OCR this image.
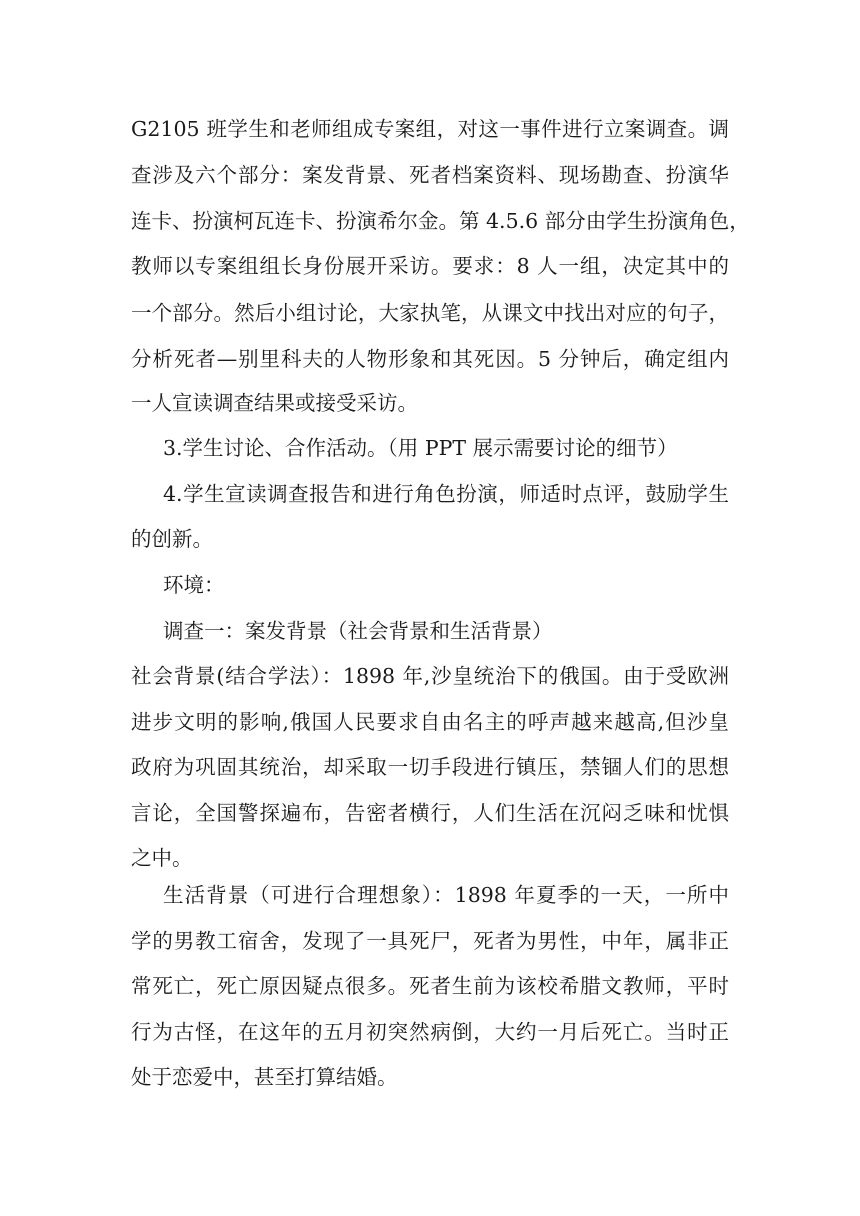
G2105 班学生和老师组成专案组，对这一事件进行立案调查。调

查涉及六个部分：案发背景、死者档案资料、现场勘查、扮演华

连卡、扮演柯瓦连卡、扮演希尔金。第 4.5.6 部分由学生扮演角色，

教师以专案组组长身份展开采访。要求：8 人一组，决定其中的

一个部分。然后小组讨论，大家执笔，从课文中找出对应的句子，

分析死者—别里科夫的人物形象和其死因。5 分钟后，确定组内

一人宣读调查结果或接受采访。

3.学生讨论、合作活动。（用 PPT 展示需要讨论的细节）

4.学生宣读调查报告和进行角色扮演，师适时点评，鼓励学生

的创新。

环境：

调查一：案发背景（社会背景和生活背景）

社会背景(结合学法）：1898 年,沙皇统治下的俄国。由于受欧洲

进步文明的影响,俄国人民要求自由名主的呼声越来越高,但沙皇

政府为巩固其统治，却采取一切手段进行镇压，禁锢人们的思想

言论，全国警探遍布，告密者横行，人们生活在沉闷乏味和忧惧

之中。

生活背景（可进行合理想象）：1898 年夏季的一天，一所中

学的男教工宿舍，发现了一具死尸，死者为男性，中年，属非正

常死亡，死亡原因疑点很多。死者生前为该校希腊文教师，平时

行为古怪，在这年的五月初突然病倒，大约一月后死亡。当时正

处于恋爱中，甚至打算结婚。
